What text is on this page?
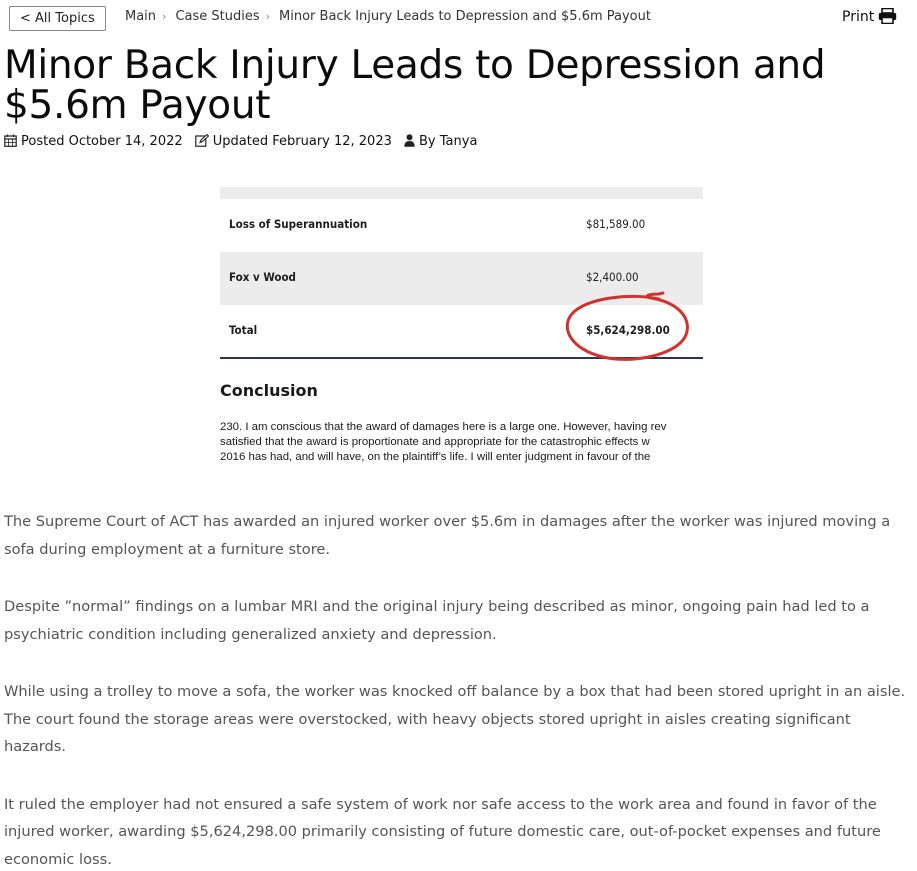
< All Topics	Main › Case Studies › Minor Back Injury Leads to Depression and $5.6m Payout	Print
Minor Back Injury Leads to Depression and $5.6m Payout
Posted October 14, 2022 Updated February 12, 2023 By Tanya
Loss of Superannuation	$81,589.00
Fox v Wood	$2,400.00
Total	$5,624,298.00
Conclusion
230. I am conscious that the award of damages here is a large one. However, having rev
satisfied that the award is proportionate and appropriate for the catastrophic effects w
2016 has had, and will have, on the plaintiff’s life. I will enter judgment in favour of the

The Supreme Court of ACT has awarded an injured worker over $5.6m in damages after the worker was injured moving a sofa during employment at a furniture store.

Despite ”normal” findings on a lumbar MRI and the original injury being described as minor, ongoing pain had led to a psychiatric condition including generalized anxiety and depression.

While using a trolley to move a sofa, the worker was knocked off balance by a box that had been stored upright in an aisle. The court found the storage areas were overstocked, with heavy objects stored upright in aisles creating significant hazards.

It ruled the employer had not ensured a safe system of work nor safe access to the work area and found in favor of the injured worker, awarding $5,624,298.00 primarily consisting of future domestic care, out-of-pocket expenses and future economic loss.
